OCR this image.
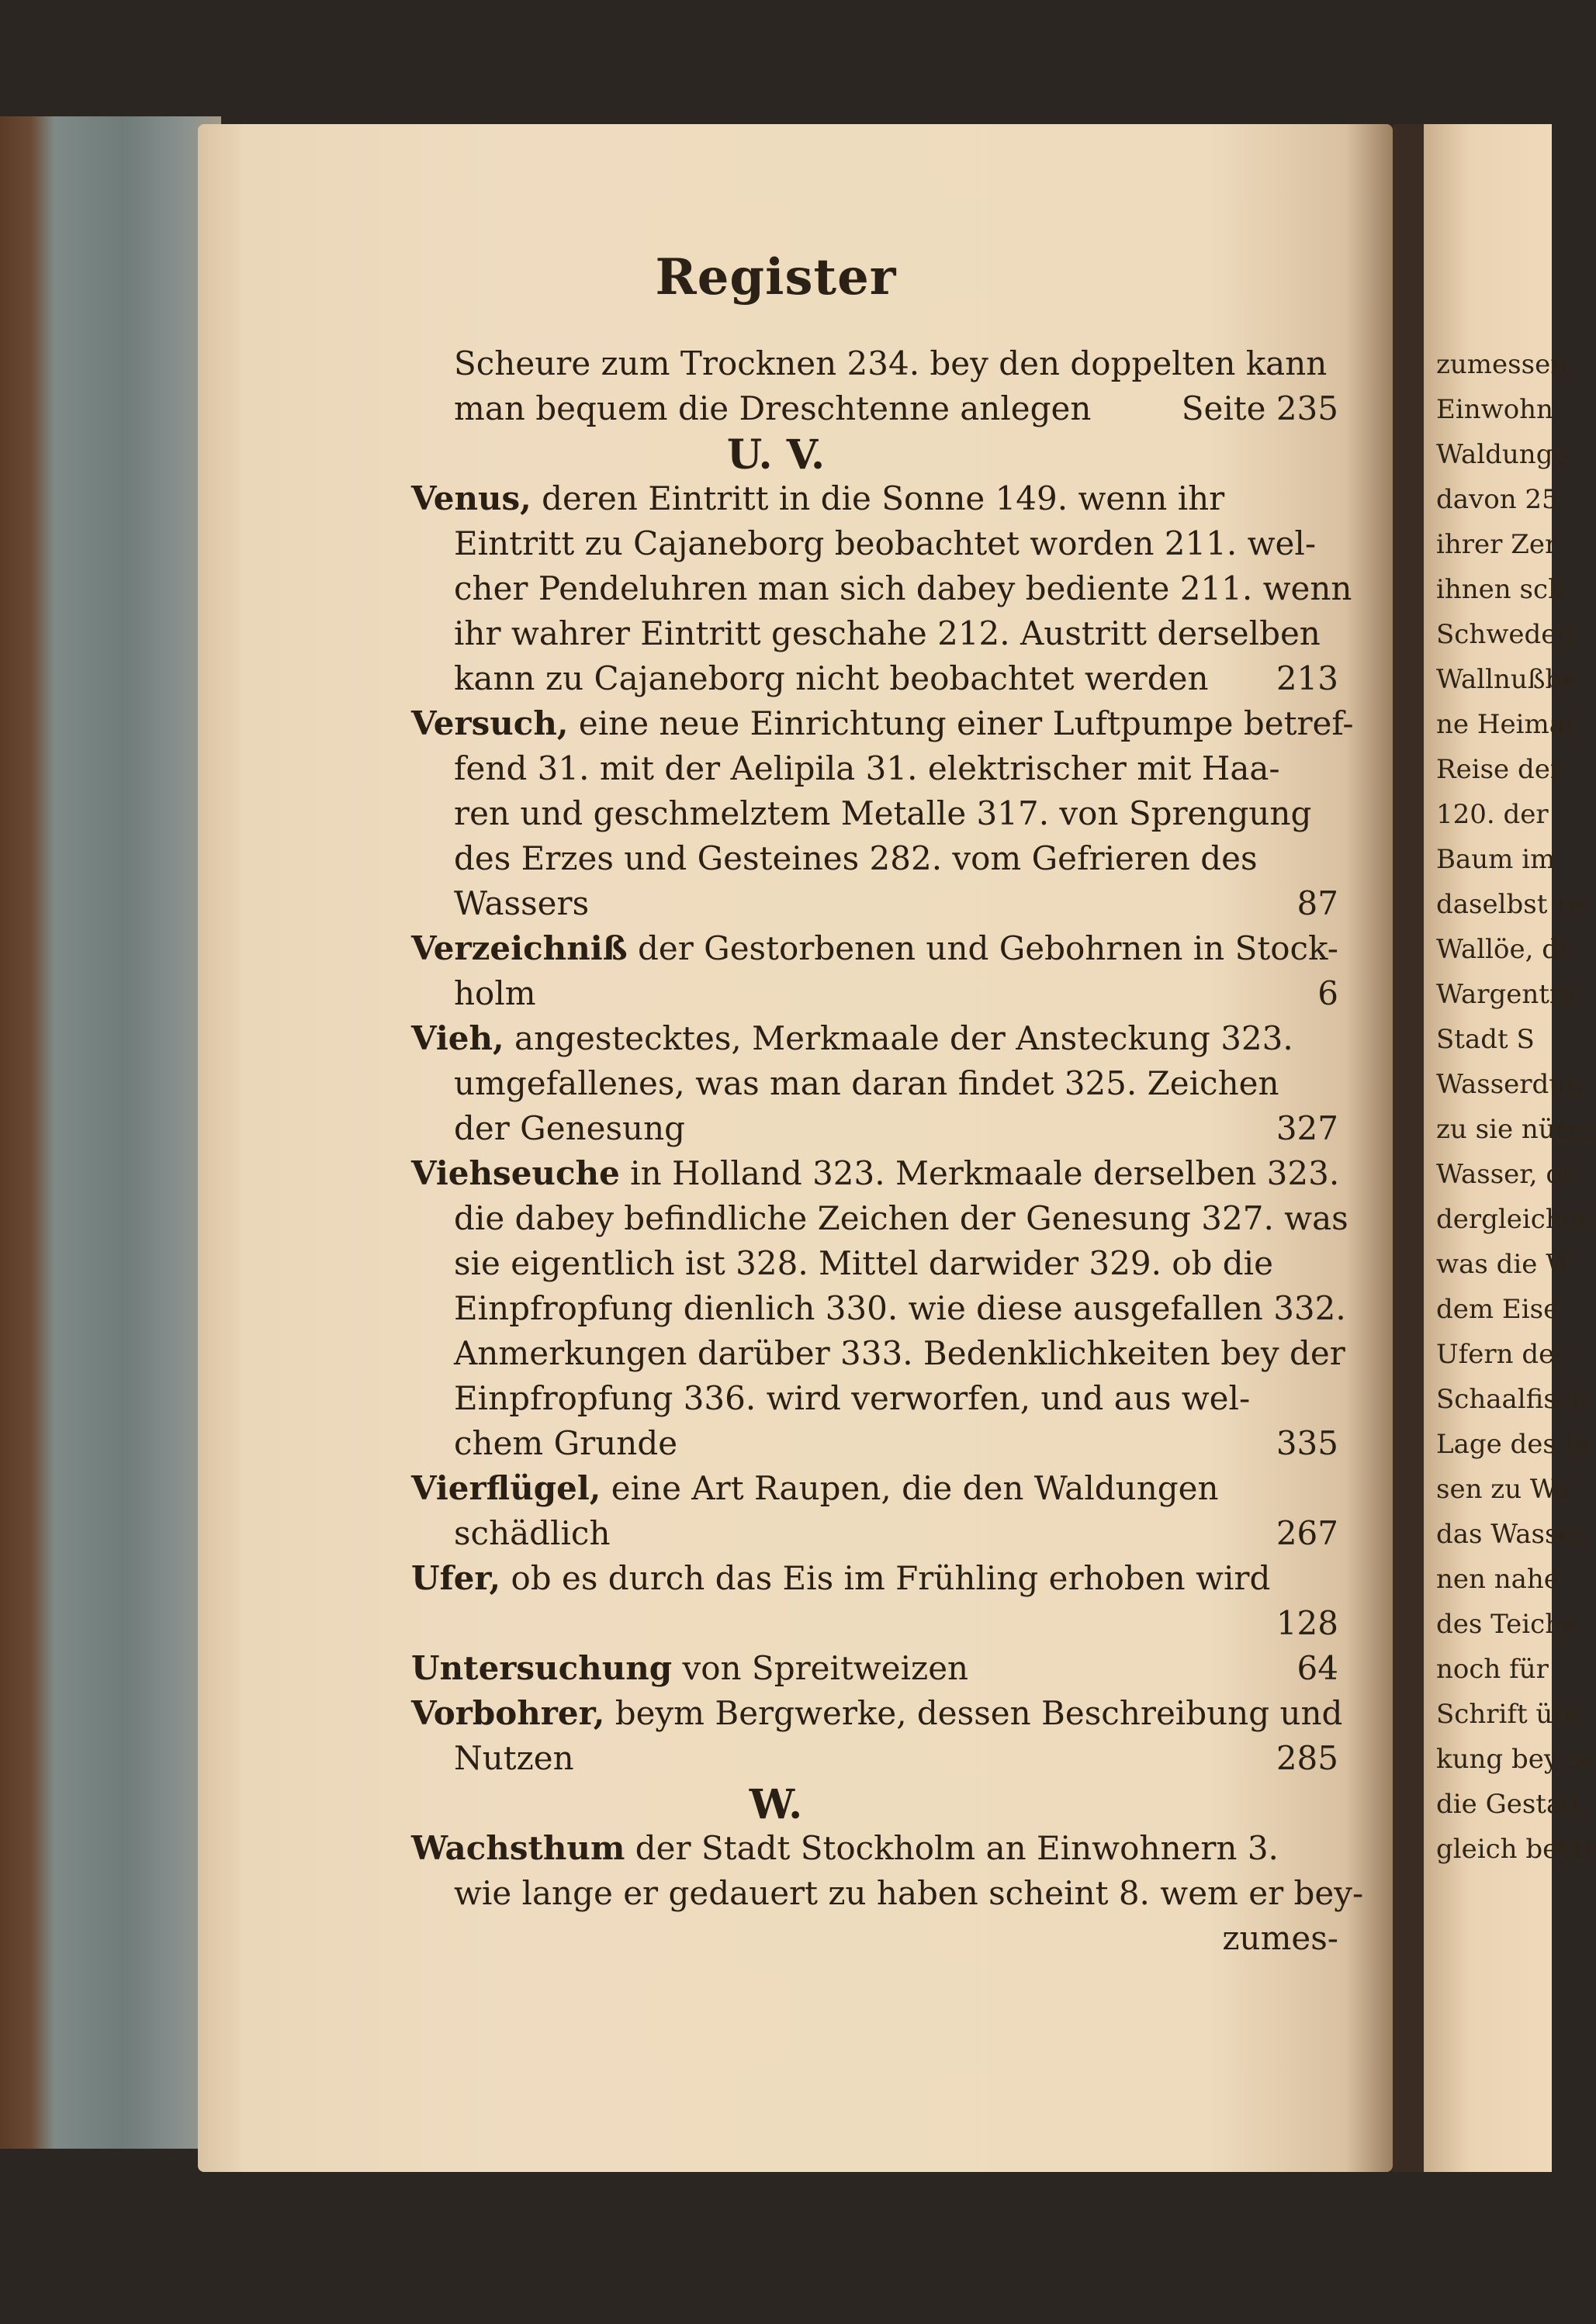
zumessen
Einwohn
Waldunge
davon 25
ihrer Zer
ihnen sch
Schweden
Wallnußbe
ne Heimat
Reise der
120. der
Baum im
daselbst re
Wallöe, di
Wargentin
Stadt S
Wasserdün
zu sie nütze
Wasser, ob
dergleichen
was die W
dem Eise
Ufern der
Schaalfisch
Lage des fe
sen zu Wa
das Wasser
nen nahe
des Teiche
noch für
Schrift übe
kung bey se
die Gestalt
gleich beytr
Register
Scheure zum Trocknen 234. bey den doppelten kann
man bequem die Dreschtenne anlegen	Seite 235
U. V.
Venus, deren Eintritt in die Sonne 149. wenn ihr
Eintritt zu Cajaneborg beobachtet worden 211. wel-
cher Pendeluhren man sich dabey bediente 211. wenn
ihr wahrer Eintritt geschahe 212. Austritt derselben
kann zu Cajaneborg nicht beobachtet werden 213
Versuch, eine neue Einrichtung einer Luftpumpe betref-
fend 31. mit der Aelipila 31. elektrischer mit Haa-
ren und geschmelztem Metalle 317. von Sprengung
des Erzes und Gesteines 282. vom Gefrieren des
Wassers	87
Verzeichniß der Gestorbenen und Gebohrnen in Stock-
holm	6
Vieh, angestecktes, Merkmaale der Ansteckung 323.
umgefallenes, was man daran findet 325. Zeichen
der Genesung	327
Viehseuche in Holland 323. Merkmaale derselben 323.
die dabey befindliche Zeichen der Genesung 327. was
sie eigentlich ist 328. Mittel darwider 329. ob die
Einpfropfung dienlich 330. wie diese ausgefallen 332.
Anmerkungen darüber 333. Bedenklichkeiten bey der
Einpfropfung 336. wird verworfen, und aus wel-
chem Grunde	335
Vierflügel, eine Art Raupen, die den Waldungen
schädlich	267
Ufer, ob es durch das Eis im Frühling erhoben wird
128
Untersuchung von Spreitweizen	64
Vorbohrer, beym Bergwerke, dessen Beschreibung und
Nutzen	285
W.
Wachsthum der Stadt Stockholm an Einwohnern 3.
wie lange er gedauert zu haben scheint 8. wem er bey-
zumes-
